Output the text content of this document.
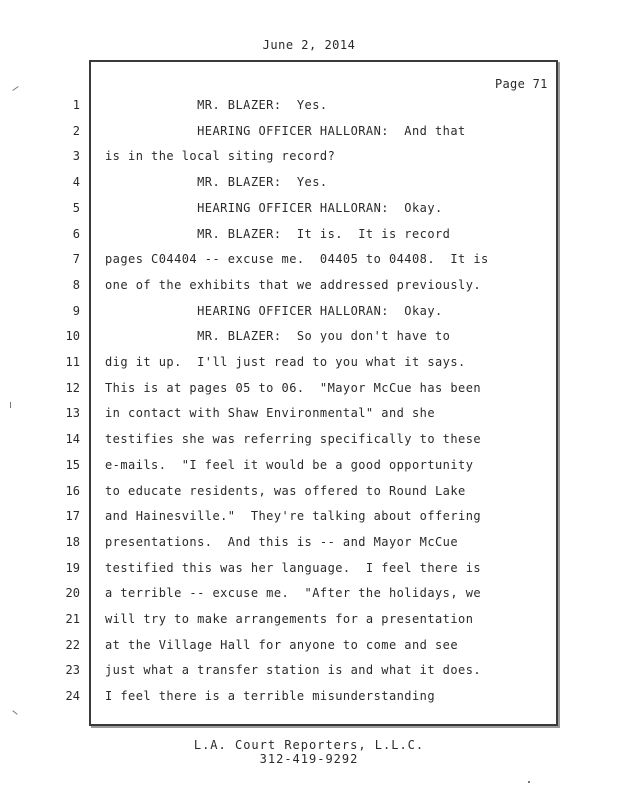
June 2, 2014
Page 71
1 MR. BLAZER:  Yes.
2 HEARING OFFICER HALLORAN:  And that
3 is in the local siting record?
4 MR. BLAZER:  Yes.
5 HEARING OFFICER HALLORAN:  Okay.
6 MR. BLAZER:  It is.  It is record
7 pages C04404 -- excuse me.  04405 to 04408.  It is
8 one of the exhibits that we addressed previously.
9 HEARING OFFICER HALLORAN:  Okay.
10 MR. BLAZER:  So you don't have to
11 dig it up.  I'll just read to you what it says.
12 This is at pages 05 to 06.  "Mayor McCue has been
13 in contact with Shaw Environmental" and she
14 testifies she was referring specifically to these
15 e-mails.  "I feel it would be a good opportunity
16 to educate residents, was offered to Round Lake
17 and Hainesville."  They're talking about offering
18 presentations.  And this is -- and Mayor McCue
19 testified this was her language.  I feel there is
20 a terrible -- excuse me.  "After the holidays, we
21 will try to make arrangements for a presentation
22 at the Village Hall for anyone to come and see
23 just what a transfer station is and what it does.
24 I feel there is a terrible misunderstanding
L.A. Court Reporters, L.L.C.
312-419-9292
